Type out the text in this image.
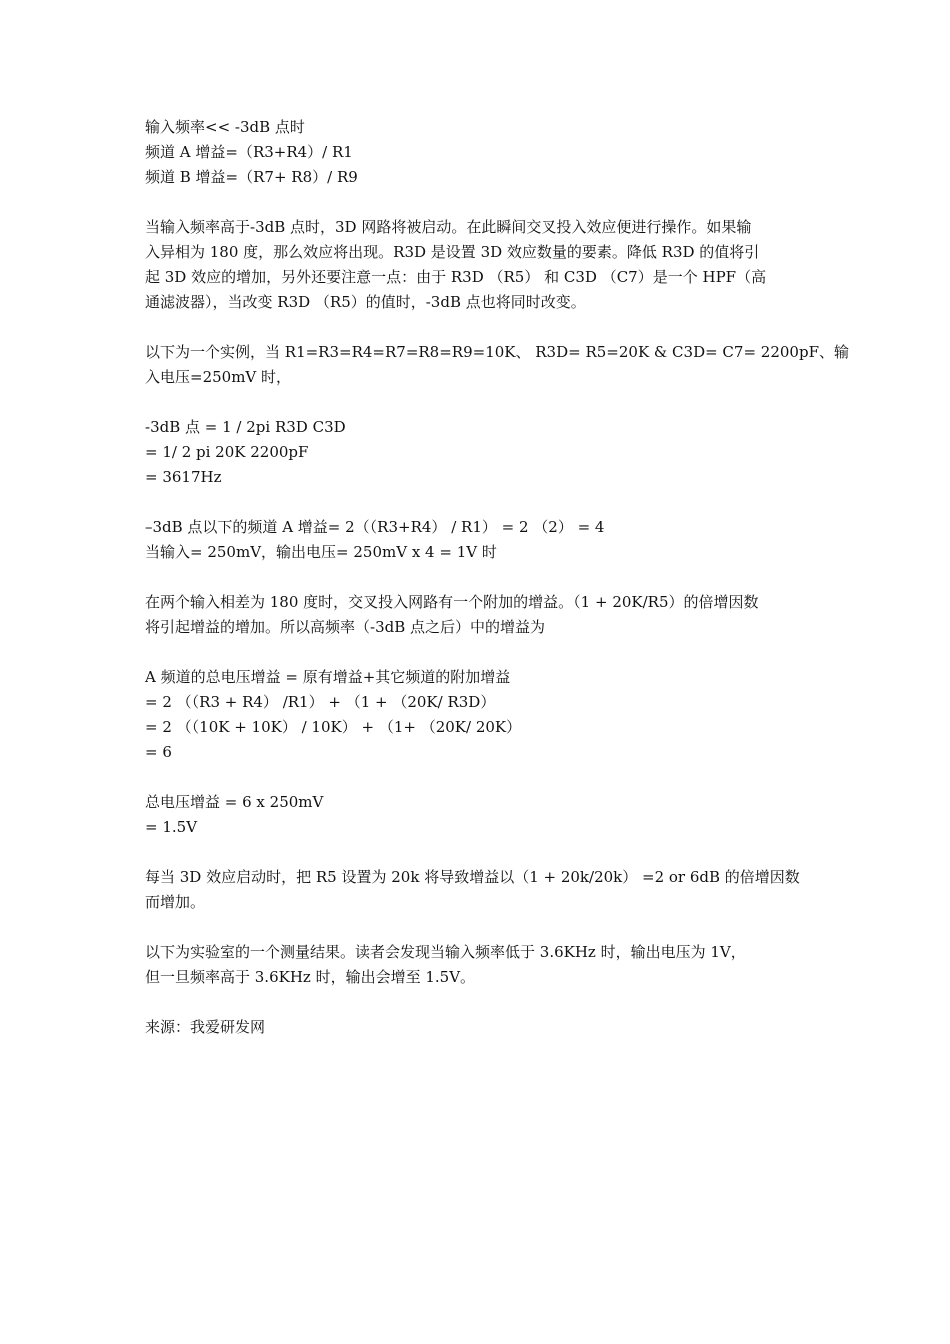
输入频率<< -3dB 点时
频道 A 增益=（R3+R4）/ R1
频道 B 增益=（R7+ R8）/ R9
当输入频率高于-3dB 点时，3D 网路将被启动。在此瞬间交叉投入效应便进行操作。如果输
入异相为 180 度，那么效应将出现。R3D 是设置 3D 效应数量的要素。降低 R3D 的值将引
起 3D 效应的增加，另外还要注意一点：由于 R3D （R5） 和 C3D （C7）是一个 HPF（高
通滤波器），当改变 R3D （R5）的值时，-3dB 点也将同时改变。
以下为一个实例，当 R1=R3=R4=R7=R8=R9=10K、 R3D= R5=20K & C3D= C7= 2200pF、输
入电压=250mV 时，
-3dB 点 = 1 / 2pi R3D C3D
= 1/ 2 pi 20K 2200pF
= 3617Hz
–3dB 点以下的频道 A 增益= 2（（R3+R4） / R1） = 2 （2） = 4
当输入= 250mV，输出电压= 250mV x 4 = 1V 时
在两个输入相差为 180 度时，交叉投入网路有一个附加的增益。（1 + 20K/R5）的倍增因数
将引起增益的增加。所以高频率（-3dB 点之后）中的增益为
A 频道的总电压增益 = 原有增益+其它频道的附加增益
= 2 （（R3 + R4） /R1） + （1 + （20K/ R3D）
= 2 （（10K + 10K） / 10K） + （1+ （20K/ 20K）
= 6
总电压增益 = 6 x 250mV
= 1.5V
每当 3D 效应启动时，把 R5 设置为 20k 将导致增益以（1 + 20k/20k） =2 or 6dB 的倍增因数
而增加。
以下为实验室的一个测量结果。读者会发现当输入频率低于 3.6KHz 时，输出电压为 1V，
但一旦频率高于 3.6KHz 时，输出会增至 1.5V。
来源：我爱研发网
